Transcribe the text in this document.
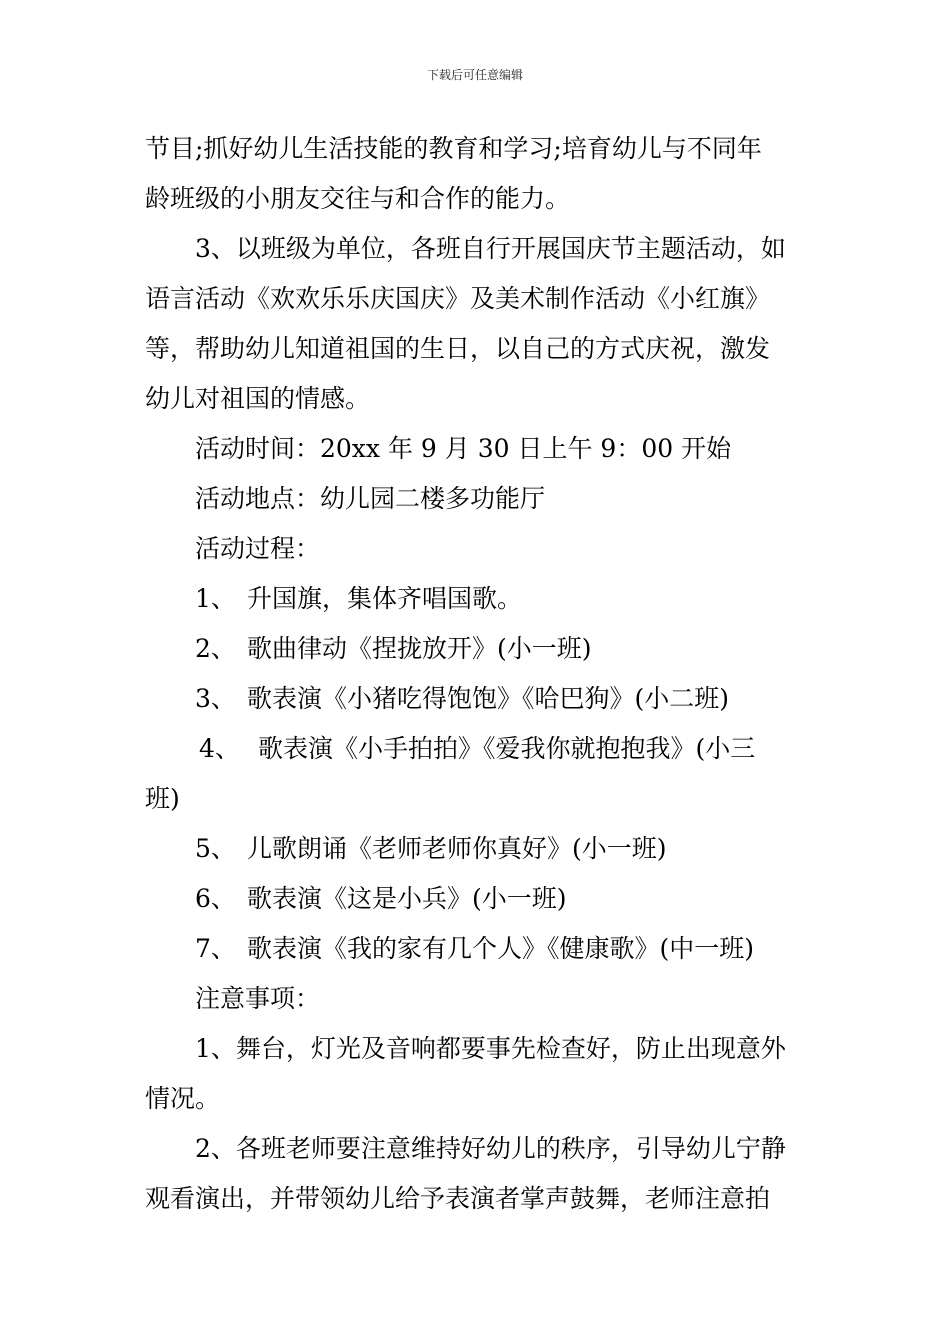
下载后可任意编辑
节目;抓好幼儿生活技能的教育和学习;培育幼儿与不同年
龄班级的小朋友交往与和合作的能力。
3、以班级为单位，各班自行开展国庆节主题活动，如
语言活动《欢欢乐乐庆国庆》及美术制作活动《小红旗》
等，帮助幼儿知道祖国的生日，以自己的方式庆祝，激发
幼儿对祖国的情感。
活动时间：20xx 年 9 月 30 日上午 9：00 开始
活动地点：幼儿园二楼多功能厅
活动过程：
1、 升国旗，集体齐唱国歌。
2、 歌曲律动《捏拢放开》(小一班)
3、 歌表演《小猪吃得饱饱》《哈巴狗》(小二班)
4、 歌表演《小手拍拍》《爱我你就抱抱我》(小三
班)
5、 儿歌朗诵《老师老师你真好》(小一班)
6、 歌表演《这是小兵》(小一班)
7、 歌表演《我的家有几个人》《健康歌》(中一班)
注意事项：
1、舞台，灯光及音响都要事先检查好，防止出现意外
情况。
2、各班老师要注意维持好幼儿的秩序，引导幼儿宁静
观看演出，并带领幼儿给予表演者掌声鼓舞，老师注意拍
